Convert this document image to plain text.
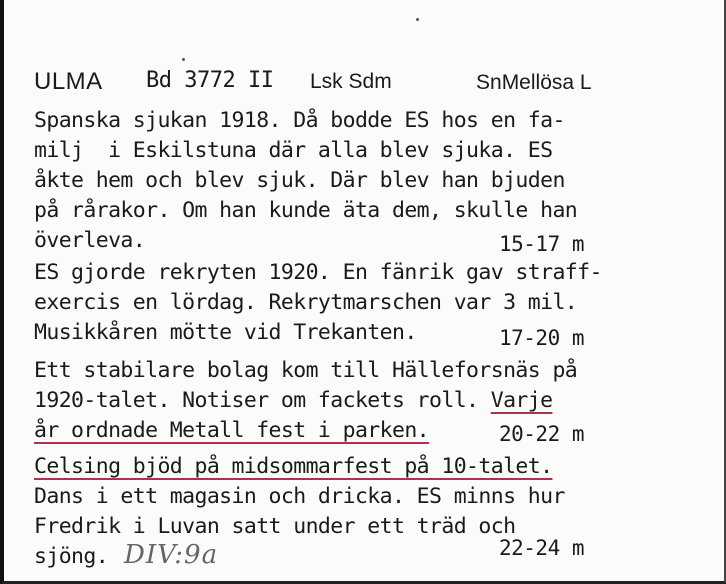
ULMA Bd 3772 II Lsk Sdm	SnMellösa L
Spanska sjukan 1918. Då bodde ES hos en fa-
milj  i Eskilstuna där alla blev sjuka. ES
åkte hem och blev sjuk. Där blev han bjuden
på rårakor. Om han kunde äta dem, skulle han
överleva.	15-17 m
ES gjorde rekryten 1920. En fänrik gav straff-
exercis en lördag. Rekrytmarschen var 3 mil.
Musikkåren mötte vid Trekanten.	17-20 m
Ett stabilare bolag kom till Hälleforsnäs på
1920-talet. Notiser om fackets roll. Varje
år ordnade Metall fest i parken.	20-22 m
Celsing bjöd på midsommarfest på 10-talet.
Dans i ett magasin och dricka. ES minns hur
Fredrik i Luvan satt under ett träd och
sjöng.	22-24 m
DIV:9a
